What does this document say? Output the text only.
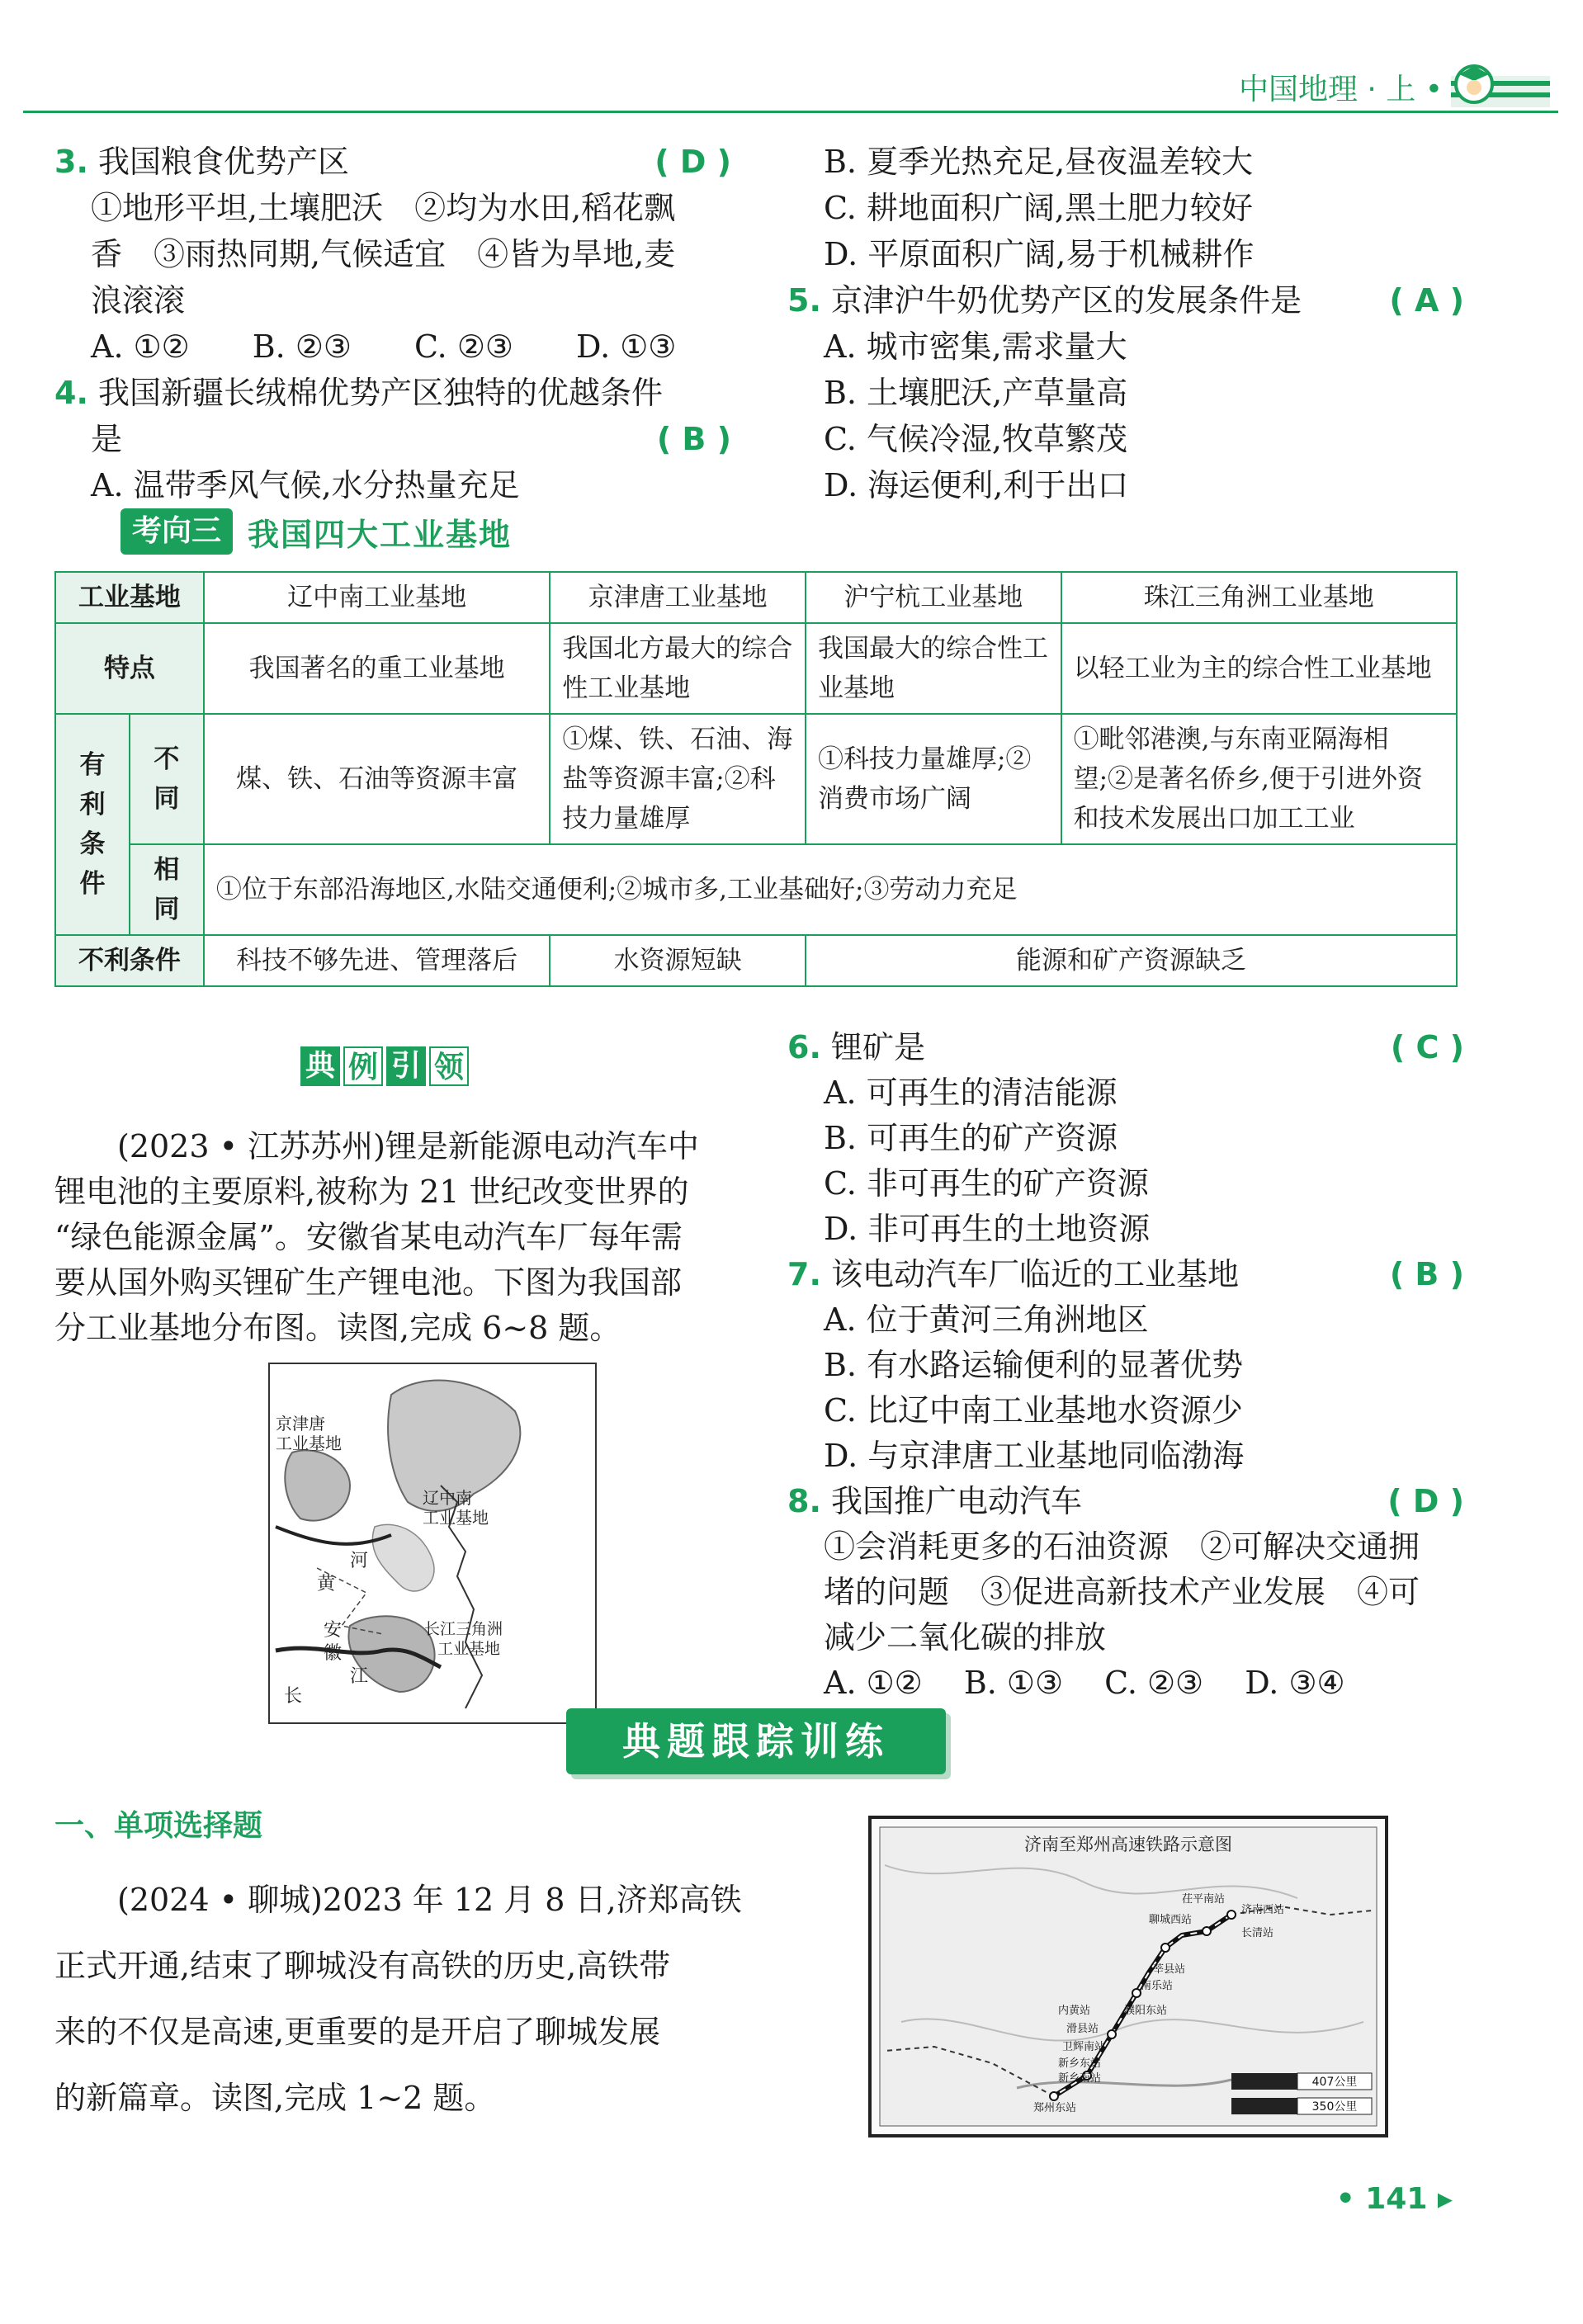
中国地理 · 上 •
3. 我国粮食优势产区	( D )
①地形平坦,土壤肥沃　②均为水田,稻花飘
香　③雨热同期,气候适宜　④皆为旱地,麦
浪滚滚
A. ①②　　B. ②③　　C. ②③　　D. ①③
4. 我国新疆长绒棉优势产区独特的优越条件
是	( B )
A. 温带季风气候,水分热量充足
B. 夏季光热充足,昼夜温差较大
C. 耕地面积广阔,黑土肥力较好
D. 平原面积广阔,易于机械耕作
5. 京津沪牛奶优势产区的发展条件是	( A )
A. 城市密集,需求量大
B. 土壤肥沃,产草量高
C. 气候冷湿,牧草繁茂
D. 海运便利,利于出口
考向三 我国四大工业基地
工业基地		辽中南工业基地	京津唐工业基地	沪宁杭工业基地	珠江三角洲工业基地
特点		我国著名的重工业基地	我国北方最大的综合性工业基地	我国最大的综合性工业基地	以轻工业为主的综合性工业基地
有利条件	不同	煤、铁、石油等资源丰富	①煤、铁、石油、海盐等资源丰富;②科技力量雄厚	①科技力量雄厚;②消费市场广阔	①毗邻港澳,与东南亚隔海相望;②是著名侨乡,便于引进外资和技术发展出口加工工业
	相同	①位于东部沿海地区,水陆交通便利;②城市多,工业基础好;③劳动力充足			
不利条件		科技不够先进、管理落后	水资源短缺	能源和矿产资源缺乏	
典 例 引 领
(2023 • 江苏苏州)锂是新能源电动汽车中
锂电池的主要原料,被称为 21 世纪改变世界的
“绿色能源金属”。安徽省某电动汽车厂每年需
要从国外购买锂矿生产锂电池。下图为我国部
分工业基地分布图。读图,完成 6~8 题。
京津唐
工业基地
辽中南
工业基地
河
黄
安
徽
长江三角洲
工业基地
江
长
6. 锂矿是	( C )
A. 可再生的清洁能源
B. 可再生的矿产资源
C. 非可再生的矿产资源
D. 非可再生的土地资源
7. 该电动汽车厂临近的工业基地	( B )
A. 位于黄河三角洲地区
B. 有水路运输便利的显著优势
C. 比辽中南工业基地水资源少
D. 与京津唐工业基地同临渤海
8. 我国推广电动汽车	( D )
①会消耗更多的石油资源　②可解决交通拥
堵的问题　③促进高新技术产业发展　④可
减少二氧化碳的排放
A. ①②　 B. ①③　 C. ②③　 D. ③④
典题跟踪训练
一、单项选择题
(2024 • 聊城)2023 年 12 月 8 日,济郑高铁
正式开通,结束了聊城没有高铁的历史,高铁带
来的不仅是高速,更重要的是开启了聊城发展
的新篇章。读图,完成 1~2 题。
济南至郑州高速铁路示意图
茌平南站
济南西站
聊城西站
长清站
莘县站
南乐站
内黄站	濮阳东站
滑县站
卫辉南站
新乡东站
新乡南站
郑州东站
407公里
350公里
• 141 ▸
